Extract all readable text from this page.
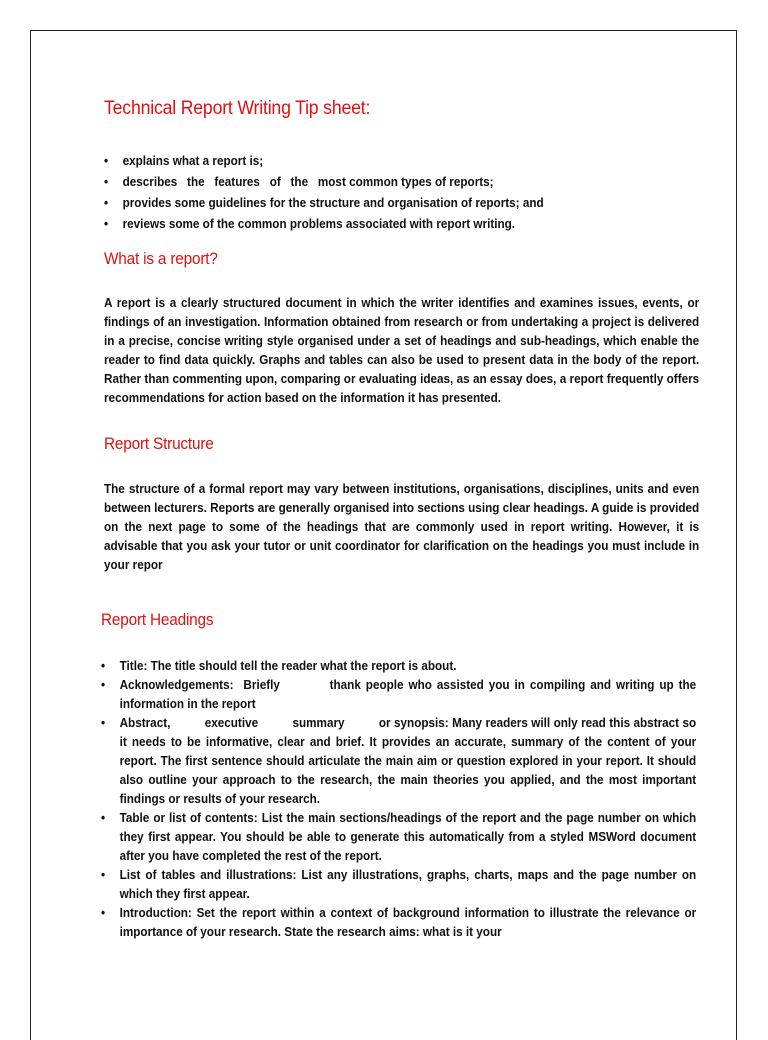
Technical Report Writing Tip sheet:
• explains what a report is;
• describes   the   features   of   the   most common types of reports;
• provides some guidelines for the structure and organisation of reports; and
• reviews some of the common problems associated with report writing.
What is a report?

A report is a clearly structured document in which the writer identifies and examines issues, events, or findings of an investigation. Information obtained from research or from undertaking a project is delivered in a precise, concise writing style organised under a set of headings and sub-headings, which enable the reader to find data quickly. Graphs and tables can also be used to present data in the body of the report. Rather than commenting upon, comparing or evaluating ideas, as an essay does, a report frequently offers recommendations for action based on the information it has presented.

Report Structure

The structure of a formal report may vary between institutions, organisations, disciplines, units and even between lecturers. Reports are generally organised into sections using clear headings. A guide is provided on the next page to some of the headings that are commonly used in report writing. However, it is advisable that you ask your tutor or unit coordinator for clarification on the headings you must include in your repor

Report Headings
• Title: The title should tell the reader what the report is about.
• Acknowledgements:  Briefly          thank people who assisted you in compiling and writing up the information in the report
• Abstract,          executive          summary          or synopsis: Many readers will only read this abstract so it needs to be informative, clear and brief. It provides an accurate, summary of the content of your report. The first sentence should articulate the main aim or question explored in your report. It should also outline your approach to the research, the main theories you applied, and the most important findings or results of your research.
• Table or list of contents: List the main sections/headings of the report and the page number on which they first appear. You should be able to generate this automatically from a styled MSWord document after you have completed the rest of the report.
• List of tables and illustrations: List any illustrations, graphs, charts, maps and the page number on which they first appear.
• Introduction: Set the report within a context of background information to illustrate the relevance or importance of your research. State the research aims: what is it your
